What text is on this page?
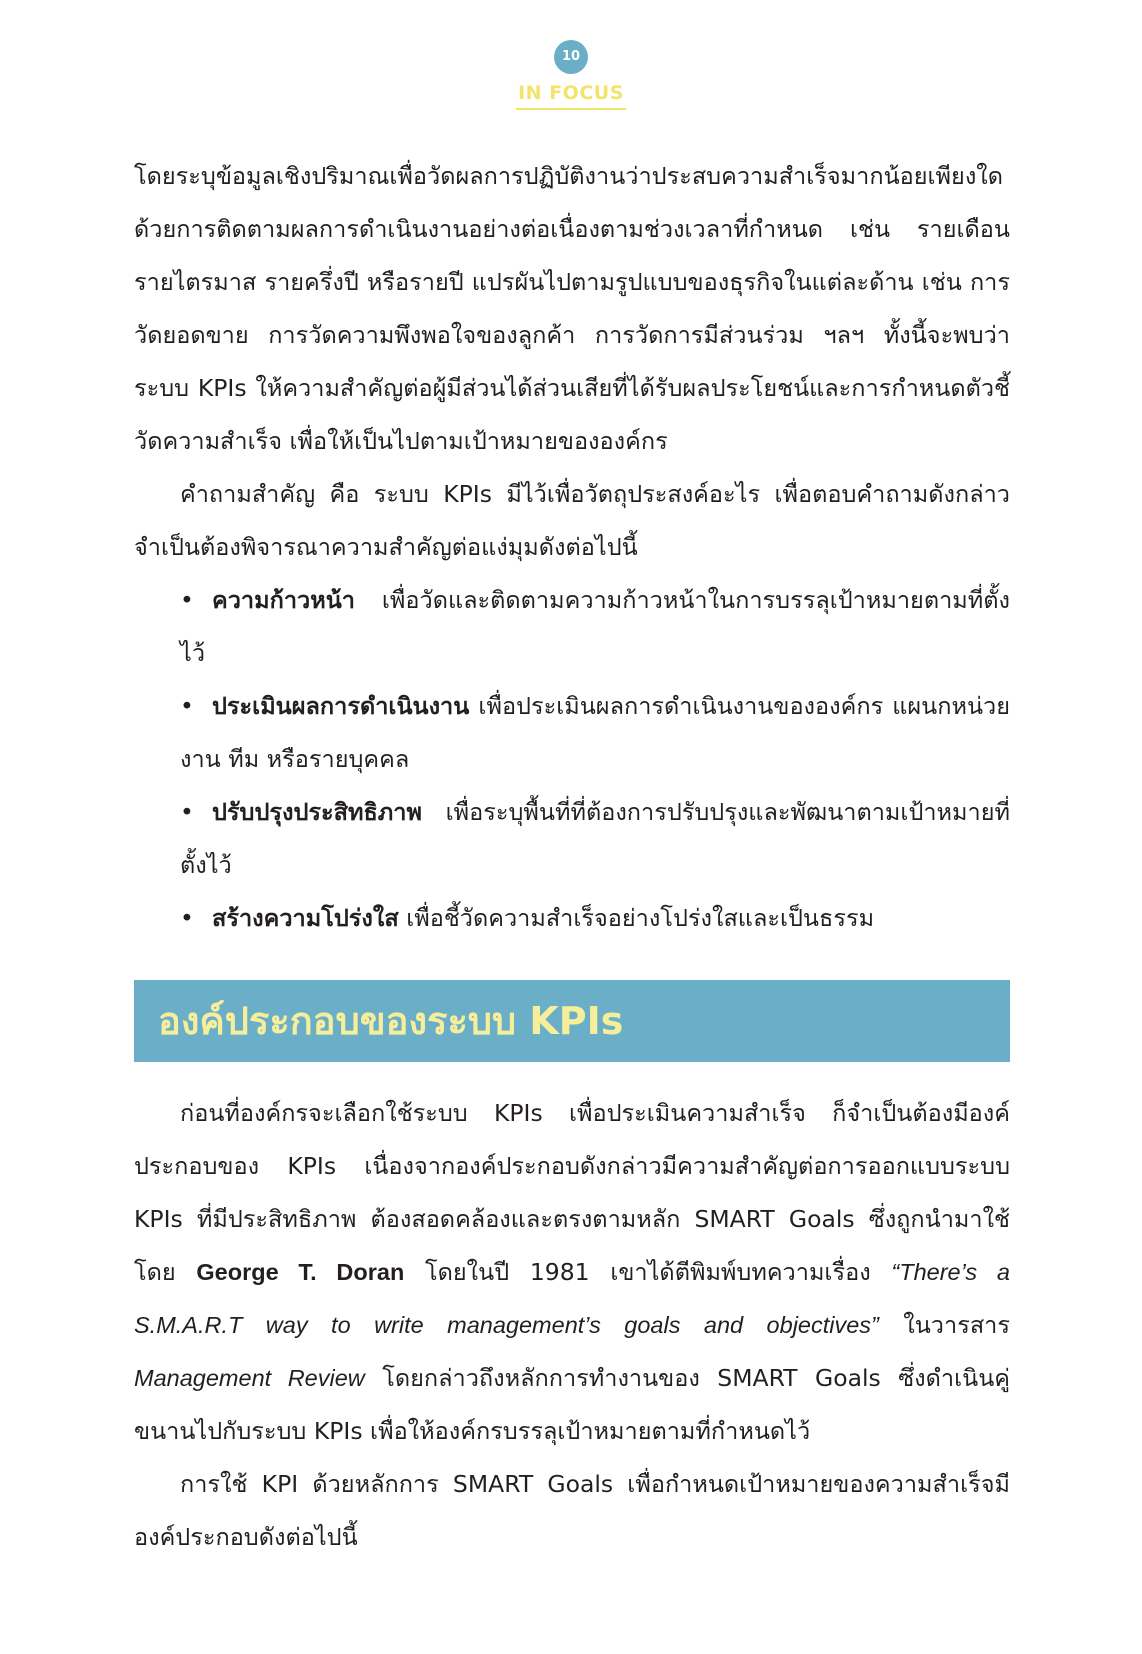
10
IN FOCUS

โดยระบุข้อมูลเชิงปริมาณเพื่อวัดผลการปฏิบัติงานว่าประสบความสำเร็จมากน้อยเพียงใด ด้วยการติดตามผลการดำเนินงานอย่างต่อเนื่องตามช่วงเวลาที่กำหนด เช่น รายเดือน รายไตรมาส รายครึ่งปี หรือรายปี แปรผันไปตามรูปแบบของธุรกิจในแต่ละด้าน เช่น การวัดยอดขาย การวัดความพึงพอใจของลูกค้า การวัดการมีส่วนร่วม ฯลฯ ทั้งนี้จะพบว่าระบบ KPIs ให้ความสำคัญต่อผู้มีส่วนได้ส่วนเสียที่ได้รับผลประโยชน์และการกำหนดตัวชี้วัดความสำเร็จ เพื่อให้เป็นไปตามเป้าหมายขององค์กร

คำถามสำคัญ คือ ระบบ KPIs มีไว้เพื่อวัตถุประสงค์อะไร เพื่อตอบคำถามดังกล่าวจำเป็นต้องพิจารณาความสำคัญต่อแง่มุมดังต่อไปนี้

• ความก้าวหน้า เพื่อวัดและติดตามความก้าวหน้าในการบรรลุเป้าหมายตามที่ตั้งไว้

• ประเมินผลการดำเนินงาน เพื่อประเมินผลการดำเนินงานขององค์กร แผนกหน่วยงาน ทีม หรือรายบุคคล

• ปรับปรุงประสิทธิภาพ เพื่อระบุพื้นที่ที่ต้องการปรับปรุงและพัฒนาตามเป้าหมายที่ตั้งไว้

• สร้างความโปร่งใส เพื่อชี้วัดความสำเร็จอย่างโปร่งใสและเป็นธรรม

องค์ประกอบของระบบ KPIs

ก่อนที่องค์กรจะเลือกใช้ระบบ KPIs เพื่อประเมินความสำเร็จ ก็จำเป็นต้องมีองค์ประกอบของ KPIs เนื่องจากองค์ประกอบดังกล่าวมีความสำคัญต่อการออกแบบระบบ KPIs ที่มีประสิทธิภาพ ต้องสอดคล้องและตรงตามหลัก SMART Goals ซึ่งถูกนำมาใช้โดย George T. Doran โดยในปี 1981 เขาได้ตีพิมพ์บทความเรื่อง “There’s a S.M.A.R.T way to write management’s goals and objectives” ในวารสาร Management Review โดยกล่าวถึงหลักการทำงานของ SMART Goals ซึ่งดำเนินคู่ขนานไปกับระบบ KPIs เพื่อให้องค์กรบรรลุเป้าหมายตามที่กำหนดไว้

การใช้ KPI ด้วยหลักการ SMART Goals เพื่อกำหนดเป้าหมายของความสำเร็จมีองค์ประกอบดังต่อไปนี้
